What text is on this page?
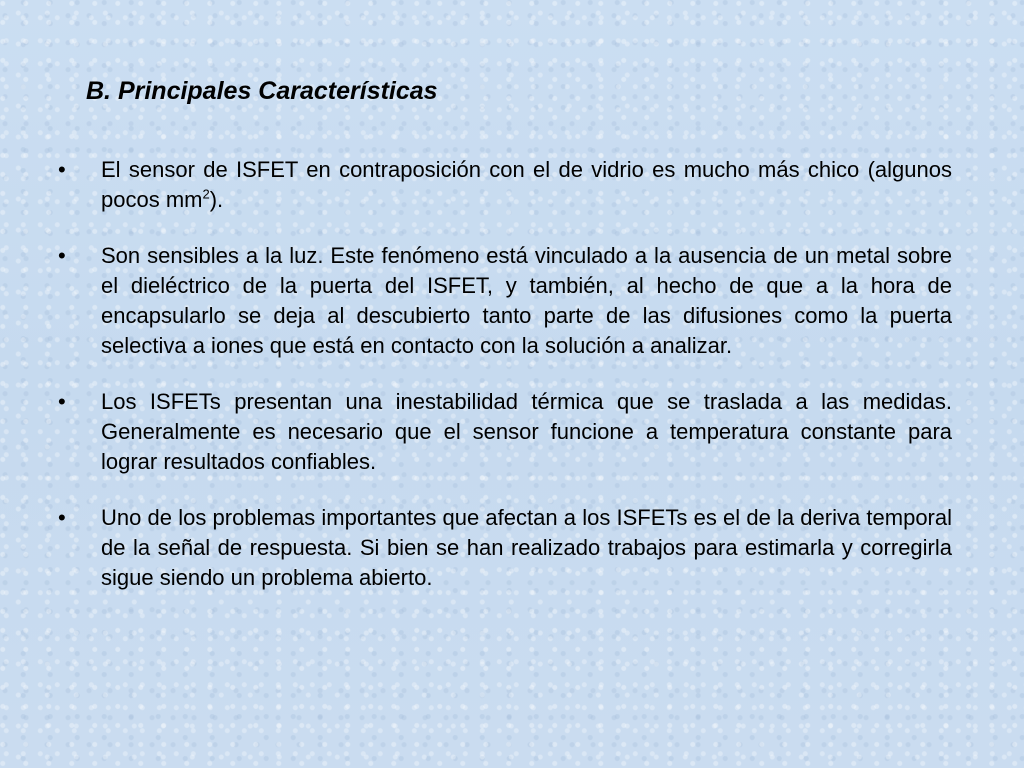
B. Principales Características
•	El sensor de ISFET en contraposición con el de vidrio es mucho más chico (algunos pocos $mm^2$).
•	Son sensibles a la luz. Este fenómeno está vinculado a la ausencia de un metal sobre el dieléctrico de la puerta del ISFET, y también, al hecho de que a la hora de encapsularlo se deja al descubierto tanto parte de las difusiones como la puerta selectiva a iones que está en contacto con la solución a analizar.
•	Los ISFETs presentan una inestabilidad térmica que se traslada a las medidas. Generalmente es necesario que el sensor funcione a temperatura constante para lograr resultados confiables.
•	Uno de los problemas importantes que afectan a los ISFETs es el de la deriva temporal de la señal de respuesta. Si bien se han realizado trabajos para estimarla y corregirla sigue siendo un problema abierto.
